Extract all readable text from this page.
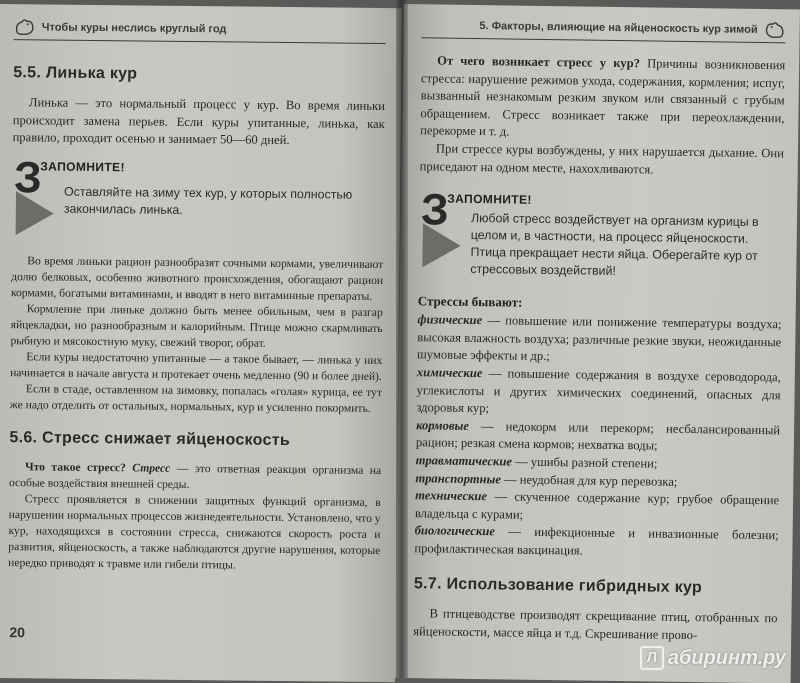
Чтобы куры неслись круглый год
5.5. Линька кур

Линька — это нормальный процесс у кур. Во время линьки происходит замена перьев. Если куры упитанные, линька, как правило, проходит осенью и занимает 50—60 дней.

З
ЗАПОМНИТЕ!
Оставляйте на зиму тех кур, у которых полностью закончилась линька.

Во время линьки рацион разнообразят сочными кормами, увеличивают долю белковых, особенно животного происхождения, обогащают рацион кормами, богатыми витаминами, и вводят в него витаминные препараты.

Кормление при линьке должно быть менее обильным, чем в разгар яйцекладки, но разнообразным и калорийным. Птице можно скармливать рыбную и мясокостную муку, свежий творог, обрат.

Если куры недостаточно упитанные — а такое бывает, — линька у них начинается в начале августа и протекает очень медленно (90 и более дней).

Если в стаде, оставленном на зимовку, попалась «голая» курица, ее тут же надо отделить от остальных, нормальных, кур и усиленно покормить.

5.6. Стресс снижает яйценоскость

Что такое стресс? Стресс — это ответная реакция организма на особые воздействия внешней среды.

Стресс проявляется в снижении защитных функций организма, в нарушении нормальных процессов жизнедеятельности. Установлено, что у кур, находящихся в состоянии стресса, снижаются скорость роста и развития, яйценоскость, а также наблюдаются другие нарушения, которые нередко приводят к травме или гибели птицы.

20
5. Факторы, влияющие на яйценоскость кур зимой

От чего возникает стресс у кур? Причины возникновения стресса: нарушение режимов ухода, содержания, кормления; испуг, вызванный незнакомым резким звуком или связанный с грубым обращением. Стресс возникает также при переохлаждении, перекорме и т. д.

При стрессе куры возбуждены, у них нарушается дыхание. Они приседают на одном месте, нахохливаются.

З
ЗАПОМНИТЕ!
Любой стресс воздействует на организм курицы в целом и, в частности, на процесс яйценоскости. Птица прекращает нести яйца. Оберегайте кур от стрессовых воздействий!
Стрессы бывают:

физические — повышение или понижение температуры воздуха; высокая влажность воздуха; различные резкие звуки, неожиданные шумовые эффекты и др.;

химические — повышение содержания в воздухе сероводорода, углекислоты и других химических соединений, опасных для здоровья кур;

кормовые — недокорм или перекорм; несбалансированный рацион; резкая смена кормов; нехватка воды;

травматические — ушибы разной степени;

транспортные — неудобная для кур перевозка;

технические — скученное содержание кур; грубое обращение владельца с курами;

биологические — инфекционные и инвазионные болезни; профилактическая вакцинация.

5.7. Использование гибридных кур

В птицеводстве производят скрещивание птиц, отобранных по яйценоскости, массе яйца и т.д. Скрешивание прово-

Л абиринт.ру
